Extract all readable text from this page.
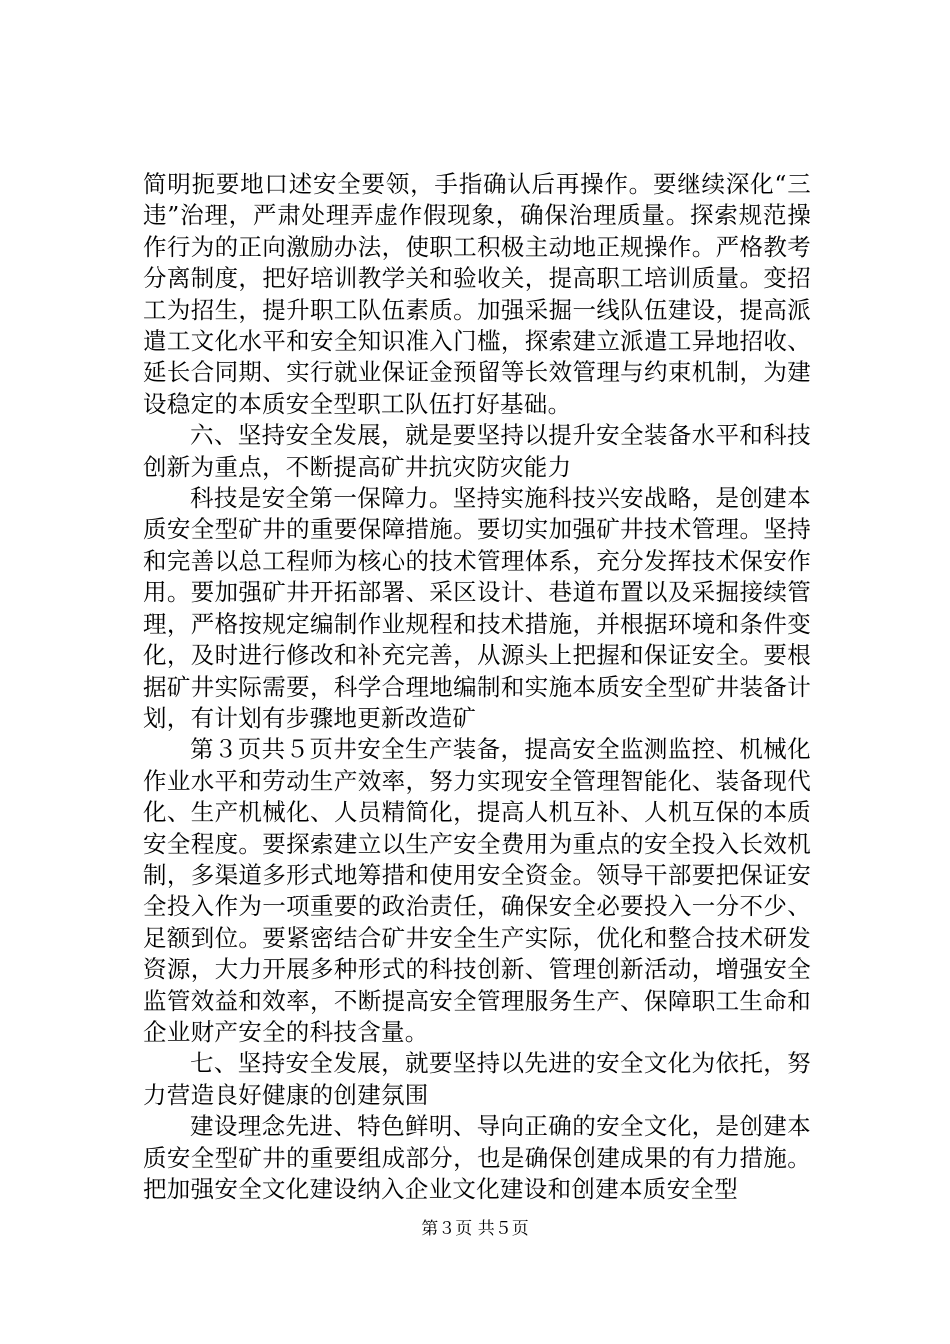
简明扼要地口述安全要领，手指确认后再操作。要继续深化“三违”治理，严肃处理弄虚作假现象，确保治理质量。探索规范操作行为的正向激励办法，使职工积极主动地正规操作。严格教考分离制度，把好培训教学关和验收关，提高职工培训质量。变招工为招生，提升职工队伍素质。加强采掘一线队伍建设，提高派遣工文化水平和安全知识准入门槛，探索建立派遣工异地招收、延长合同期、实行就业保证金预留等长效管理与约束机制，为建设稳定的本质安全型职工队伍打好基础。

六、坚持安全发展，就是要坚持以提升安全装备水平和科技创新为重点，不断提高矿井抗灾防灾能力

科技是安全第一保障力。坚持实施科技兴安战略，是创建本质安全型矿井的重要保障措施。要切实加强矿井技术管理。坚持和完善以总工程师为核心的技术管理体系，充分发挥技术保安作用。要加强矿井开拓部署、采区设计、巷道布置以及采掘接续管理，严格按规定编制作业规程和技术措施，并根据环境和条件变化，及时进行修改和补充完善，从源头上把握和保证安全。要根据矿井实际需要，科学合理地编制和实施本质安全型矿井装备计划，有计划有步骤地更新改造矿

第３页共５页井安全生产装备，提高安全监测监控、机械化作业水平和劳动生产效率，努力实现安全管理智能化、装备现代化、生产机械化、人员精简化，提高人机互补、人机互保的本质安全程度。要探索建立以生产安全费用为重点的安全投入长效机制，多渠道多形式地筹措和使用安全资金。领导干部要把保证安全投入作为一项重要的政治责任，确保安全必要投入一分不少、足额到位。要紧密结合矿井安全生产实际，优化和整合技术研发资源，大力开展多种形式的科技创新、管理创新活动，增强安全监管效益和效率，不断提高安全管理服务生产、保障职工生命和企业财产安全的科技含量。

七、坚持安全发展，就要坚持以先进的安全文化为依托，努力营造良好健康的创建氛围

建设理念先进、特色鲜明、导向正确的安全文化，是创建本质安全型矿井的重要组成部分，也是确保创建成果的有力措施。把加强安全文化建设纳入企业文化建设和创建本质安全型

第３页 共５页
